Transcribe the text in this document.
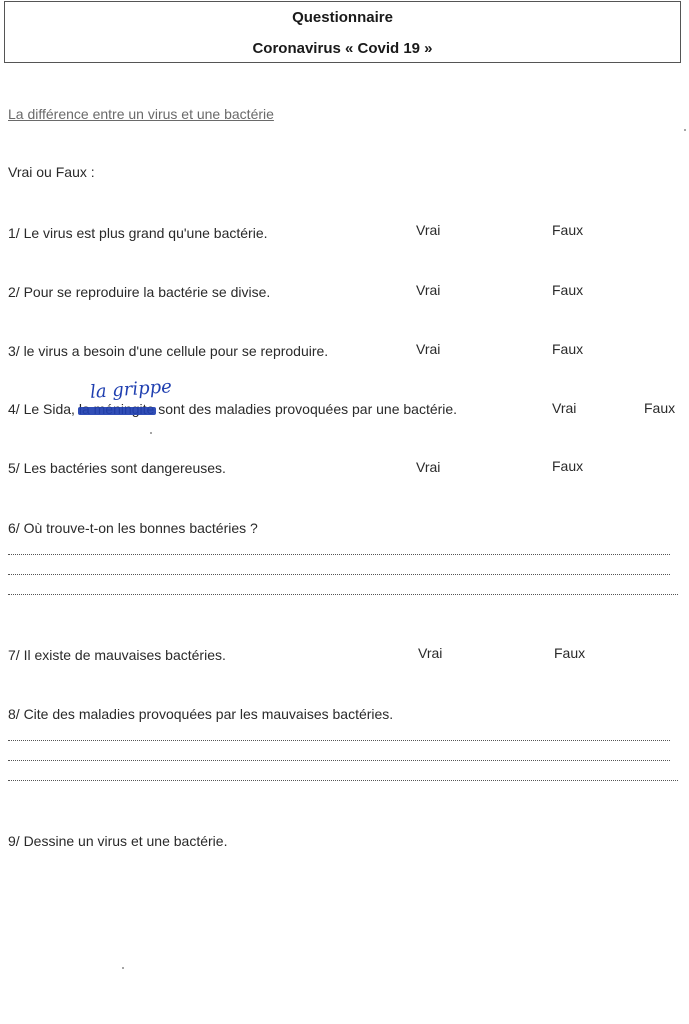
Questionnaire
Coronavirus « Covid 19 »
La différence entre un virus et une bactérie
Vrai ou Faux :
1/ Le virus est plus grand qu'une bactérie.	Vrai	Faux
2/ Pour se reproduire la bactérie se divise.	Vrai	Faux
3/ le virus a besoin d'une cellule pour se reproduire.	Vrai	Faux
la grippe
4/ Le Sida,	sont des maladies provoquées par une bactérie.	Vrai	Faux
5/ Les bactéries sont dangereuses.	Vrai	Faux
6/ Où trouve-t-on les bonnes bactéries ?
7/ Il existe de mauvaises bactéries.	Vrai	Faux
8/ Cite des maladies provoquées par les mauvaises bactéries.
9/ Dessine un virus et une bactérie.
